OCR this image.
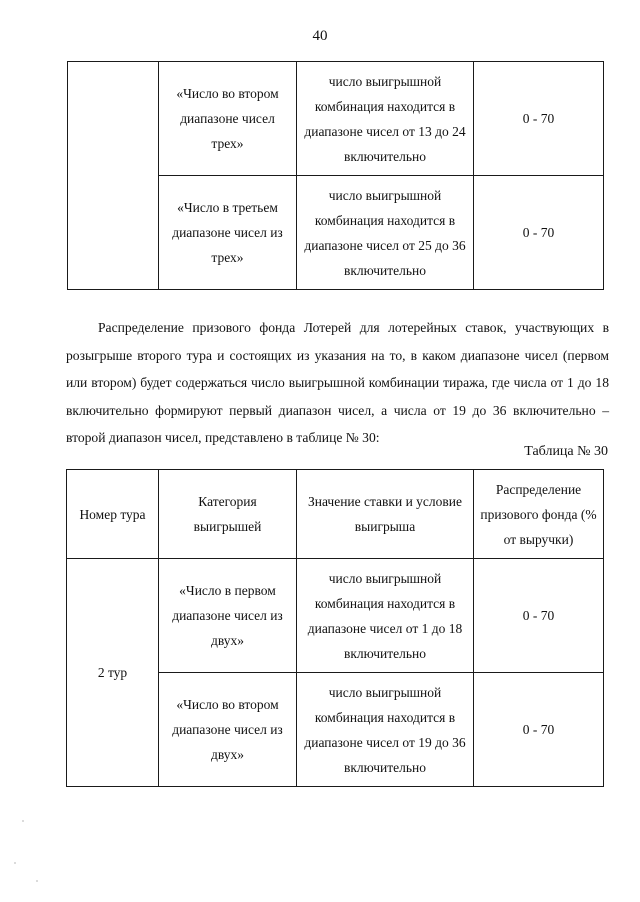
40
	«Число во втором диапазоне чисел трех»	число выигрышной комбинация находится в диапазоне чисел от 13 до 24 включительно	0 - 70
	«Число в третьем диапазоне чисел из трех»	число выигрышной комбинация находится в диапазоне чисел от 25 до 36 включительно	0 - 70

Распределение призового фонда Лотерей для лотерейных ставок, участвующих в розыгрыше второго тура и состоящих из указания на то, в каком диапазоне чисел (первом или втором) будет содержаться число выигрышной комбинации тиража, где числа от 1 до 18 включительно формируют первый диапазон чисел, а числа от 19 до 36 включительно – второй диапазон чисел, представлено в таблице № 30:

Таблица № 30
Номер тура	Категория выигрышей	Значение ставки и условие выигрыша	Распределение призового фонда (% от выручки)
2 тур	«Число в первом диапазоне чисел из двух»	число выигрышной комбинация находится в диапазоне чисел от 1 до 18 включительно	0 - 70
	«Число во втором диапазоне чисел из двух»	число выигрышной комбинация находится в диапазоне чисел от 19 до 36 включительно	0 - 70
